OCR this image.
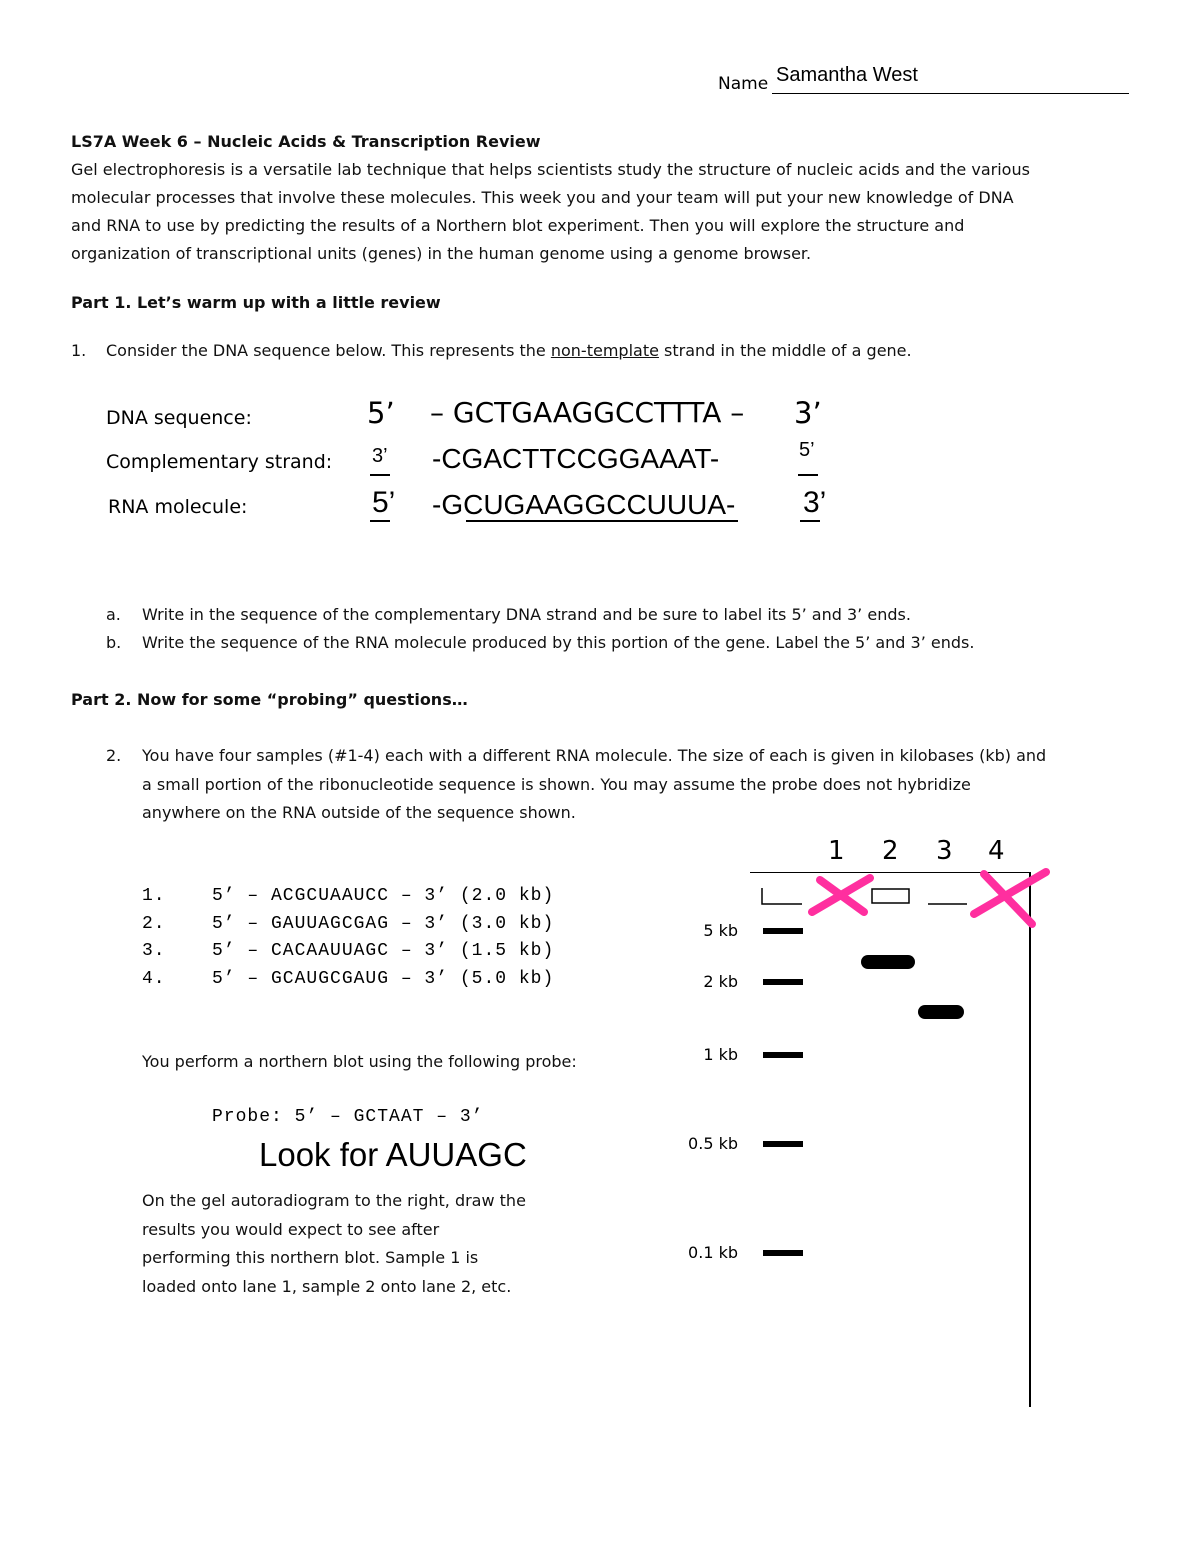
Name Samantha West
LS7A Week 6 – Nucleic Acids & Transcription Review
Gel electrophoresis is a versatile lab technique that helps scientists study the structure of nucleic acids and the various
molecular processes that involve these molecules. This week you and your team will put your new knowledge of DNA
and RNA to use by predicting the results of a Northern blot experiment. Then you will explore the structure and
organization of transcriptional units (genes) in the human genome using a genome browser.
Part 1. Let’s warm up with a little review
1. Consider the DNA sequence below. This represents the non-template strand in the middle of a gene.
DNA sequence:	5’ – GCTGAAGGCCTTTA – 3’
Complementary strand: 3’ -CGACTTCCGGAAAT-	5’
RNA molecule:	5’ -GCUGAAGGCCUUUA- 3’
a. Write in the sequence of the complementary DNA strand and be sure to label its 5’ and 3’ ends.
b. Write the sequence of the RNA molecule produced by this portion of the gene. Label the 5’ and 3’ ends.
Part 2. Now for some “probing” questions…
2. You have four samples (#1-4) each with a different RNA molecule. The size of each is given in kilobases (kb) and
a small portion of the ribonucleotide sequence is shown. You may assume the probe does not hybridize
anywhere on the RNA outside of the sequence shown.
1.	5’ – ACGCUAAUCC – 3’ (2.0 kb)
2.	5’ – GAUUAGCGAG – 3’ (3.0 kb)
3.	5’ – CACAAUUAGC – 3’ (1.5 kb)
4.	5’ – GCAUGCGAUG – 3’ (5.0 kb)
You perform a northern blot using the following probe:
Probe: 5’ – GCTAAT – 3’
Look for AUUAGC
On the gel autoradiogram to the right, draw the
results you would expect to see after
performing this northern blot. Sample 1 is
loaded onto lane 1, sample 2 onto lane 2, etc.
1 2 3 4
5 kb
2 kb
1 kb
0.5 kb
0.1 kb
